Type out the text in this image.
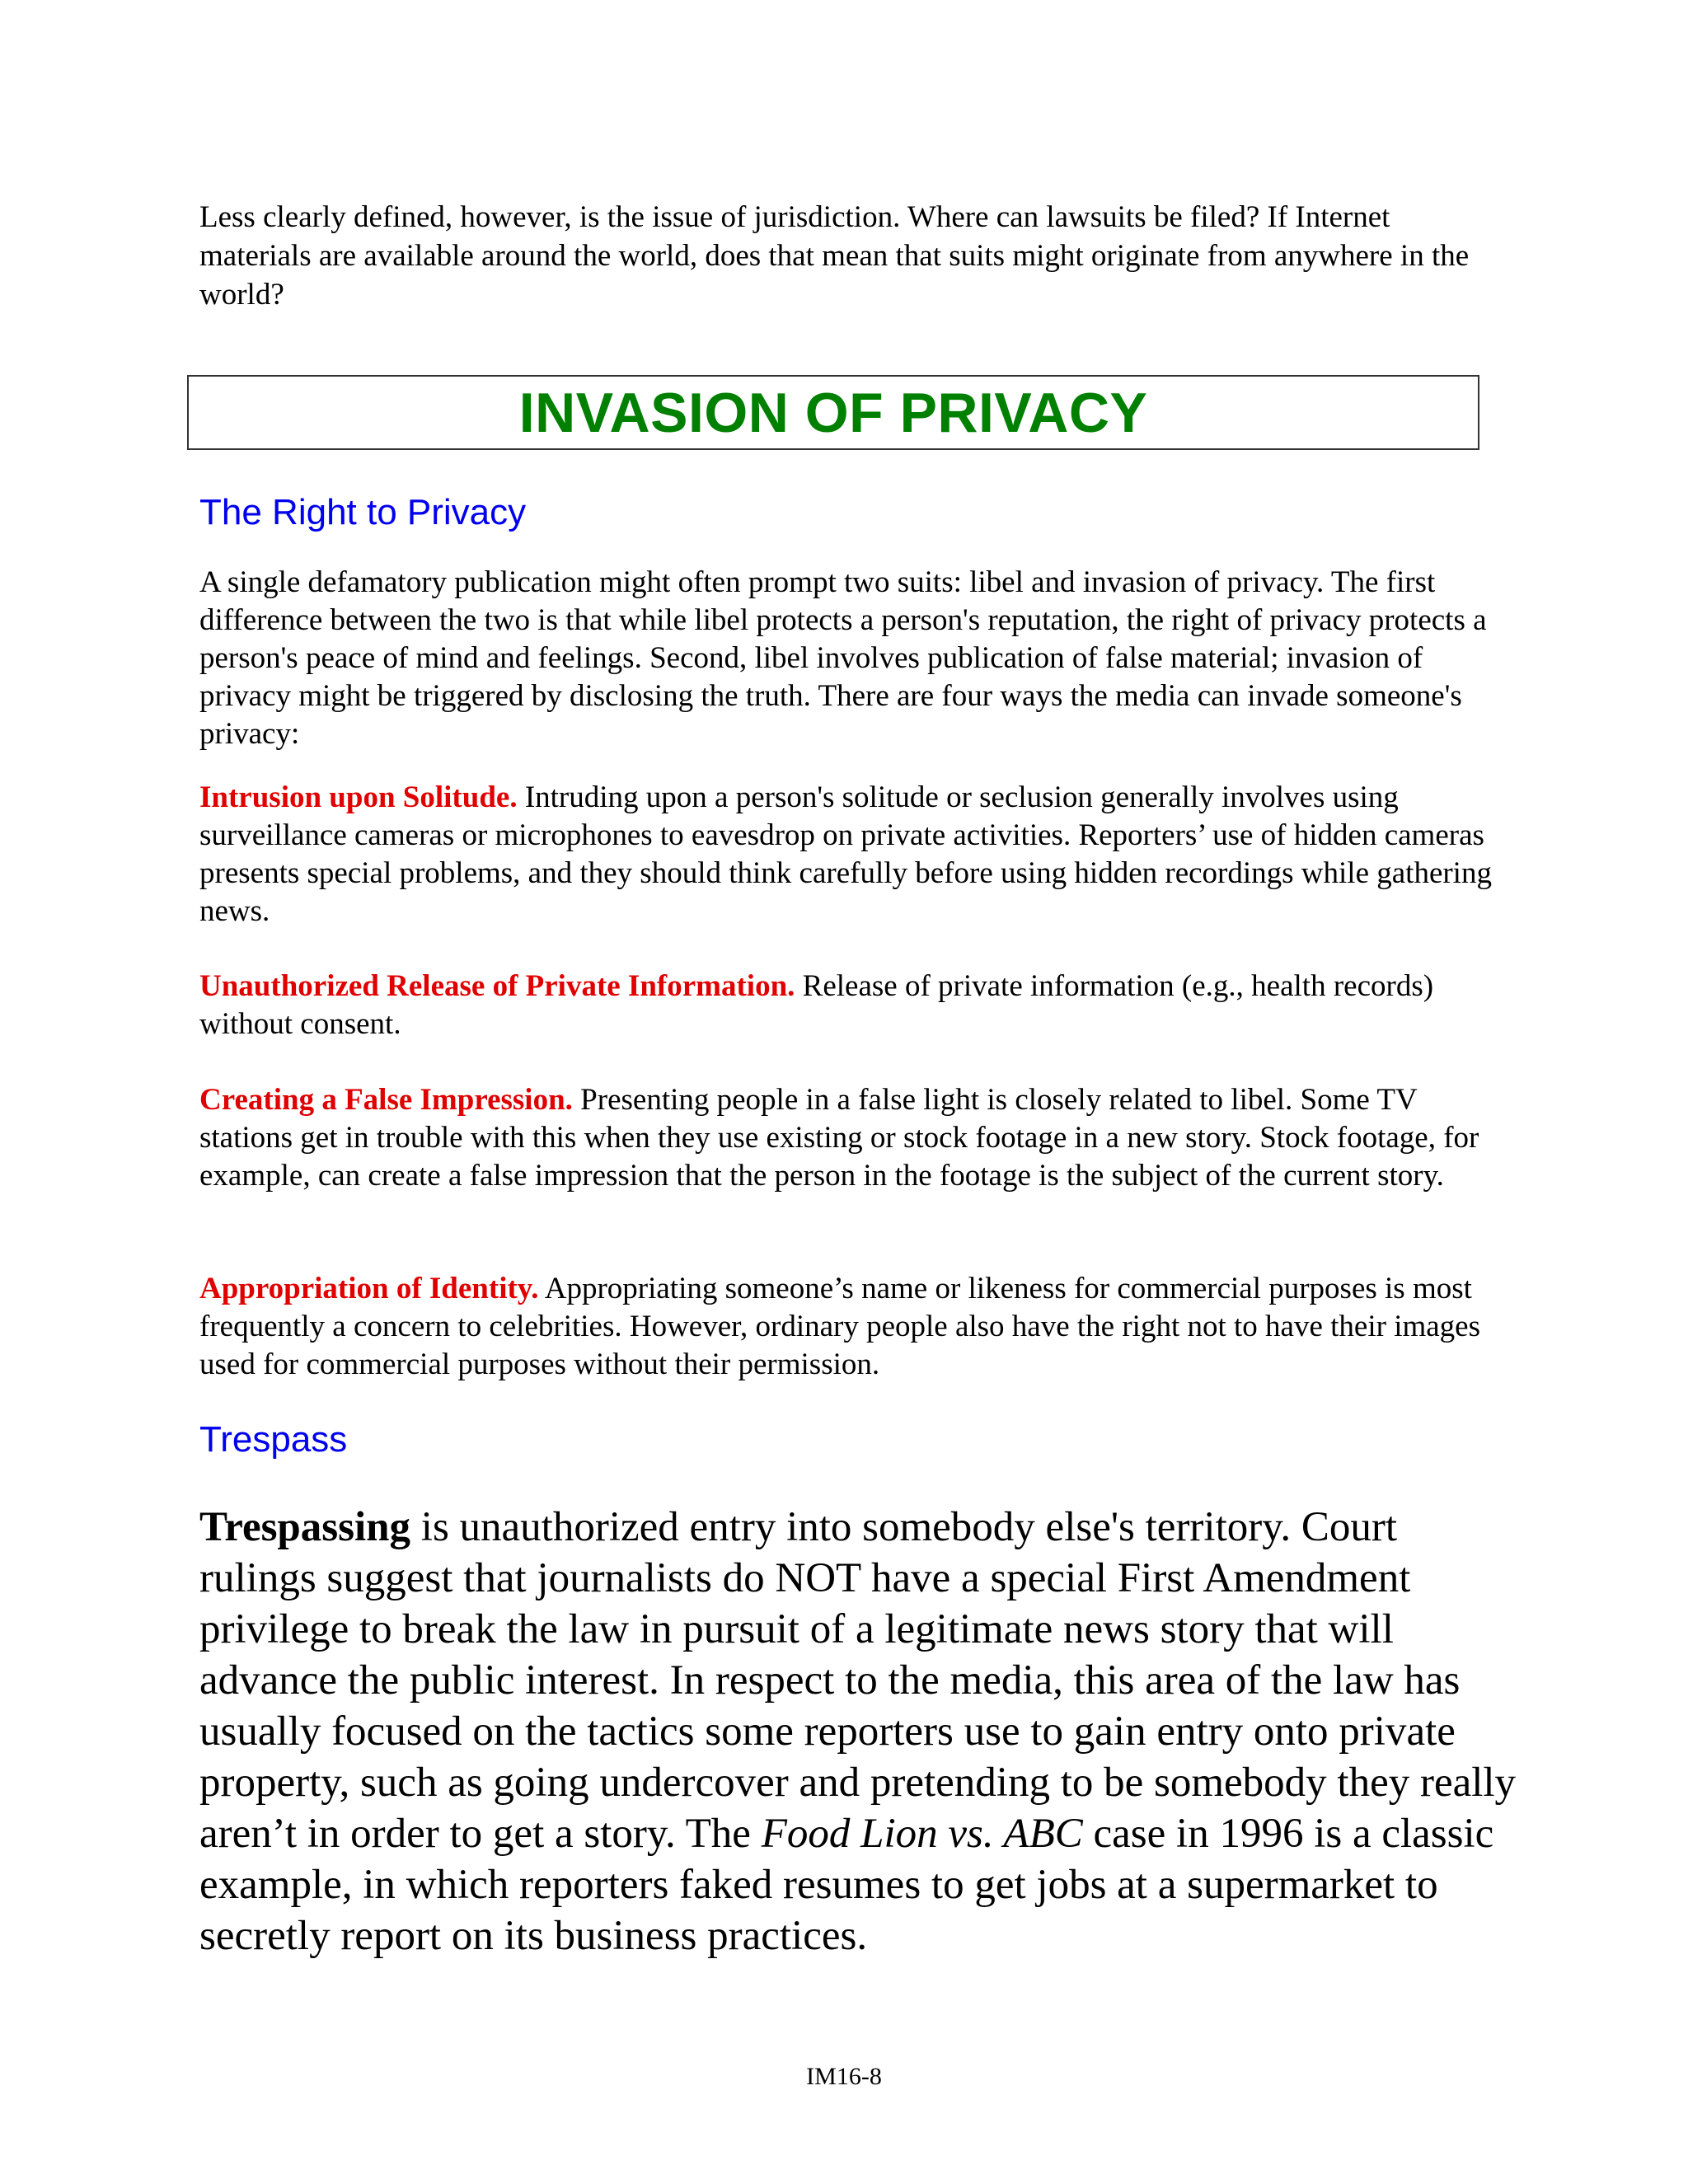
Less clearly defined, however, is the issue of jurisdiction. Where can lawsuits be filed? If Internet materials are available around the world, does that mean that suits might originate from anywhere in the world?

INVASION OF PRIVACY
The Right to Privacy

A single defamatory publication might often prompt two suits: libel and invasion of privacy. The first difference between the two is that while libel protects a person's reputation, the right of privacy protects a person's peace of mind and feelings. Second, libel involves publication of false material; invasion of privacy might be triggered by disclosing the truth. There are four ways the media can invade someone's privacy:

Intrusion upon Solitude. Intruding upon a person's solitude or seclusion generally involves using surveillance cameras or microphones to eavesdrop on private activities. Reporters’ use of hidden cameras presents special problems, and they should think carefully before using hidden recordings while gathering news.

Unauthorized Release of Private Information. Release of private information (e.g., health records) without consent.

Creating a False Impression. Presenting people in a false light is closely related to libel. Some TV stations get in trouble with this when they use existing or stock footage in a new story. Stock footage, for example, can create a false impression that the person in the footage is the subject of the current story.

Appropriation of Identity. Appropriating someone’s name or likeness for commercial purposes is most frequently a concern to celebrities. However, ordinary people also have the right not to have their images used for commercial purposes without their permission.

Trespass

Trespassing is unauthorized entry into somebody else's territory. Court rulings suggest that journalists do NOT have a special First Amendment privilege to break the law in pursuit of a legitimate news story that will advance the public interest. In respect to the media, this area of the law has usually focused on the tactics some reporters use to gain entry onto private property, such as going undercover and pretending to be somebody they really aren’t in order to get a story. The Food Lion vs. ABC case in 1996 is a classic example, in which reporters faked resumes to get jobs at a supermarket to secretly report on its business practices.

IM16-8
